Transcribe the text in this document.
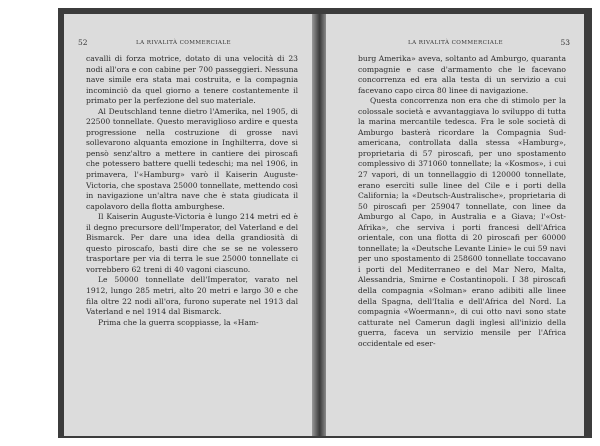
52	LA RIVALITÀ COMMERCIALE

cavalli di forza motrice, dotato di una velocità di 23 nodi all'ora e con cabine per 700 passeggieri. Nessuna nave simile era stata mai costruita, e la compagnia incominciò da quel giorno a tenere costantemente il primato per la perfezione del suo materiale.

Al Deutschland tenne dietro l'Amerika, nel 1905, di 22500 tonnellate. Questo meraviglioso ardire e questa progressione nella costruzione di grosse navi sollevarono alquanta emozione in Inghilterra, dove si pensò senz'altro a mettere in cantiere dei piroscafi che potessero battere quelli tedeschi; ma nel 1906, in primavera, l'«Hamburg» varò il Kaiserin Auguste-Victoria, che spostava 25000 tonnellate, mettendo così in navigazione un'altra nave che è stata giudicata il capolavoro della flotta amburghese.

Il Kaiserin Auguste-Victoria è lungo 214 metri ed è il degno precursore dell'Imperator, del Vaterland e del Bismarck. Per dare una idea della grandiosità di questo piroscafo, basti dire che se se ne volessero trasportare per via di terra le sue 25000 tonnellate ci vorrebbero 62 treni di 40 vagoni ciascuno.

Le 50000 tonnellate dell'Imperator, varato nel 1912, lungo 285 metri, alto 20 metri e largo 30 e che fila oltre 22 nodi all'ora, furono superate nel 1913 dal Vaterland e nel 1914 dal Bismarck.

Prima che la guerra scoppiasse, la «Ham-

LA RIVALITÀ COMMERCIALE	53

burg Amerika» aveva, soltanto ad Amburgo, quaranta compagnie e case d'armamento che le facevano concorrenza ed era alla testa di un servizio a cui facevano capo circa 80 linee di navigazione.

Questa concorrenza non era che di stimolo per la colossale società e avvantaggiava lo sviluppo di tutta la marina mercantile tedesca. Fra le sole società di Amburgo basterà ricordare la Compagnia Sud-americana, controllata dalla stessa «Hamburg», proprietaria di 57 piroscafi, per uno spostamento complessivo di 371060 tonnellate; la «Kosmos», i cui 27 vapori, di un tonnellaggio di 120000 tonnellate, erano esercìti sulle linee del Cile e i porti della California; la «Deutsch-Australische», proprietaria di 50 piroscafi per 259047 tonnellate, con linee da Amburgo al Capo, in Australia e a Giava; l'«Ost-Afrika», che serviva i porti francesi dell'Africa orientale, con una flotta di 20 piroscafi per 60000 tonnellate; la «Deutsche Levante Linie» le cui 59 navi per uno spostamento di 258600 tonnellate toccavano i porti del Mediterraneo e del Mar Nero, Malta, Alessandria, Smirne e Costantinopoli. I 38 piroscafi della compagnia «Solman» erano adibiti alle linee della Spagna, dell'Italia e dell'Africa del Nord. La compagnia «Woermann», di cui otto navi sono state catturate nel Camerun dagli inglesi all'inizio della guerra, faceva un servizio mensile per l'Africa occidentale ed eser-
